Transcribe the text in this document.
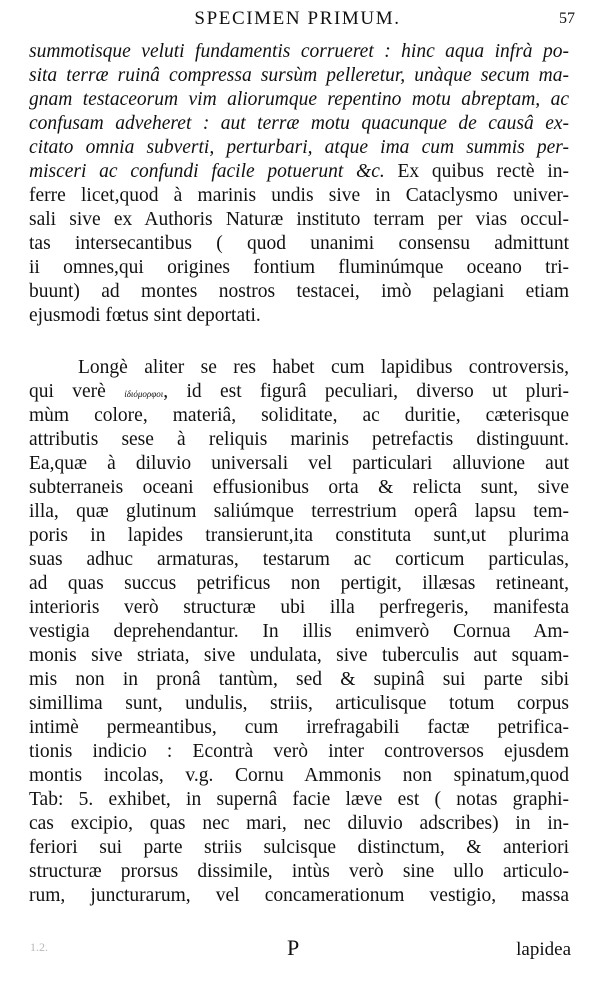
SPECIMEN PRIMUM.	57
summotisque veluti fundamentis corrueret : hinc aqua infrà po-
sita terræ ruinâ compressa sursùm pelleretur, unàque secum ma-
gnam testaceorum vim aliorumque repentino motu abreptam, ac
confusam adveheret : aut terræ motu quacunque de causâ ex-
citato omnia subverti, perturbari, atque ima cum summis per-
misceri ac confundi facile potuerunt &c. Ex quibus rectè in-
ferre licet,quod à marinis undis sive in Cataclysmo univer-
sali sive ex Authoris Naturæ instituto terram per vias occul-
tas intersecantibus ( quod unanimi consensu admittunt
ii omnes,qui origines fontium fluminúmque oceano tri-
buunt) ad montes nostros testacei, imò pelagiani etiam
ejusmodi fœtus sint deportati.
Longè aliter se res habet cum lapidibus controversis,
qui verè ἰδιόμορφοι, id est figurâ peculiari, diverso ut pluri-
mùm colore, materiâ, soliditate, ac duritie, cæterisque
attributis sese à reliquis marinis petrefactis distinguunt.
Ea,quæ à diluvio universali vel particulari alluvione aut
subterraneis oceani effusionibus orta & relicta sunt, sive
illa, quæ glutinum saliúmque terrestrium operâ lapsu tem-
poris in lapides transierunt,ita constituta sunt,ut plurima
suas adhuc armaturas, testarum ac corticum particulas,
ad quas succus petrificus non pertigit, illæsas retineant,
interioris verò structuræ ubi illa perfregeris, manifesta
vestigia deprehendantur. In illis enimverò Cornua Am-
monis sive striata, sive undulata, sive tuberculis aut squam-
mis non in pronâ tantùm, sed & supinâ sui parte sibi
simillima sunt, undulis, striis, articulisque totum corpus
intimè permeantibus, cum irrefragabili factæ petrifica-
tionis indicio : Econtrà verò inter controversos ejusdem
montis incolas, v.g. Cornu Ammonis non spinatum,quod
Tab: 5. exhibet, in supernâ facie læve est ( notas graphi-
cas excipio, quas nec mari, nec diluvio adscribes) in in-
feriori sui parte striis sulcisque distinctum, & anteriori
structuræ prorsus dissimile, intùs verò sine ullo articulo-
rum, juncturarum, vel concamerationum vestigio, massa
1.2.	P	lapidea
